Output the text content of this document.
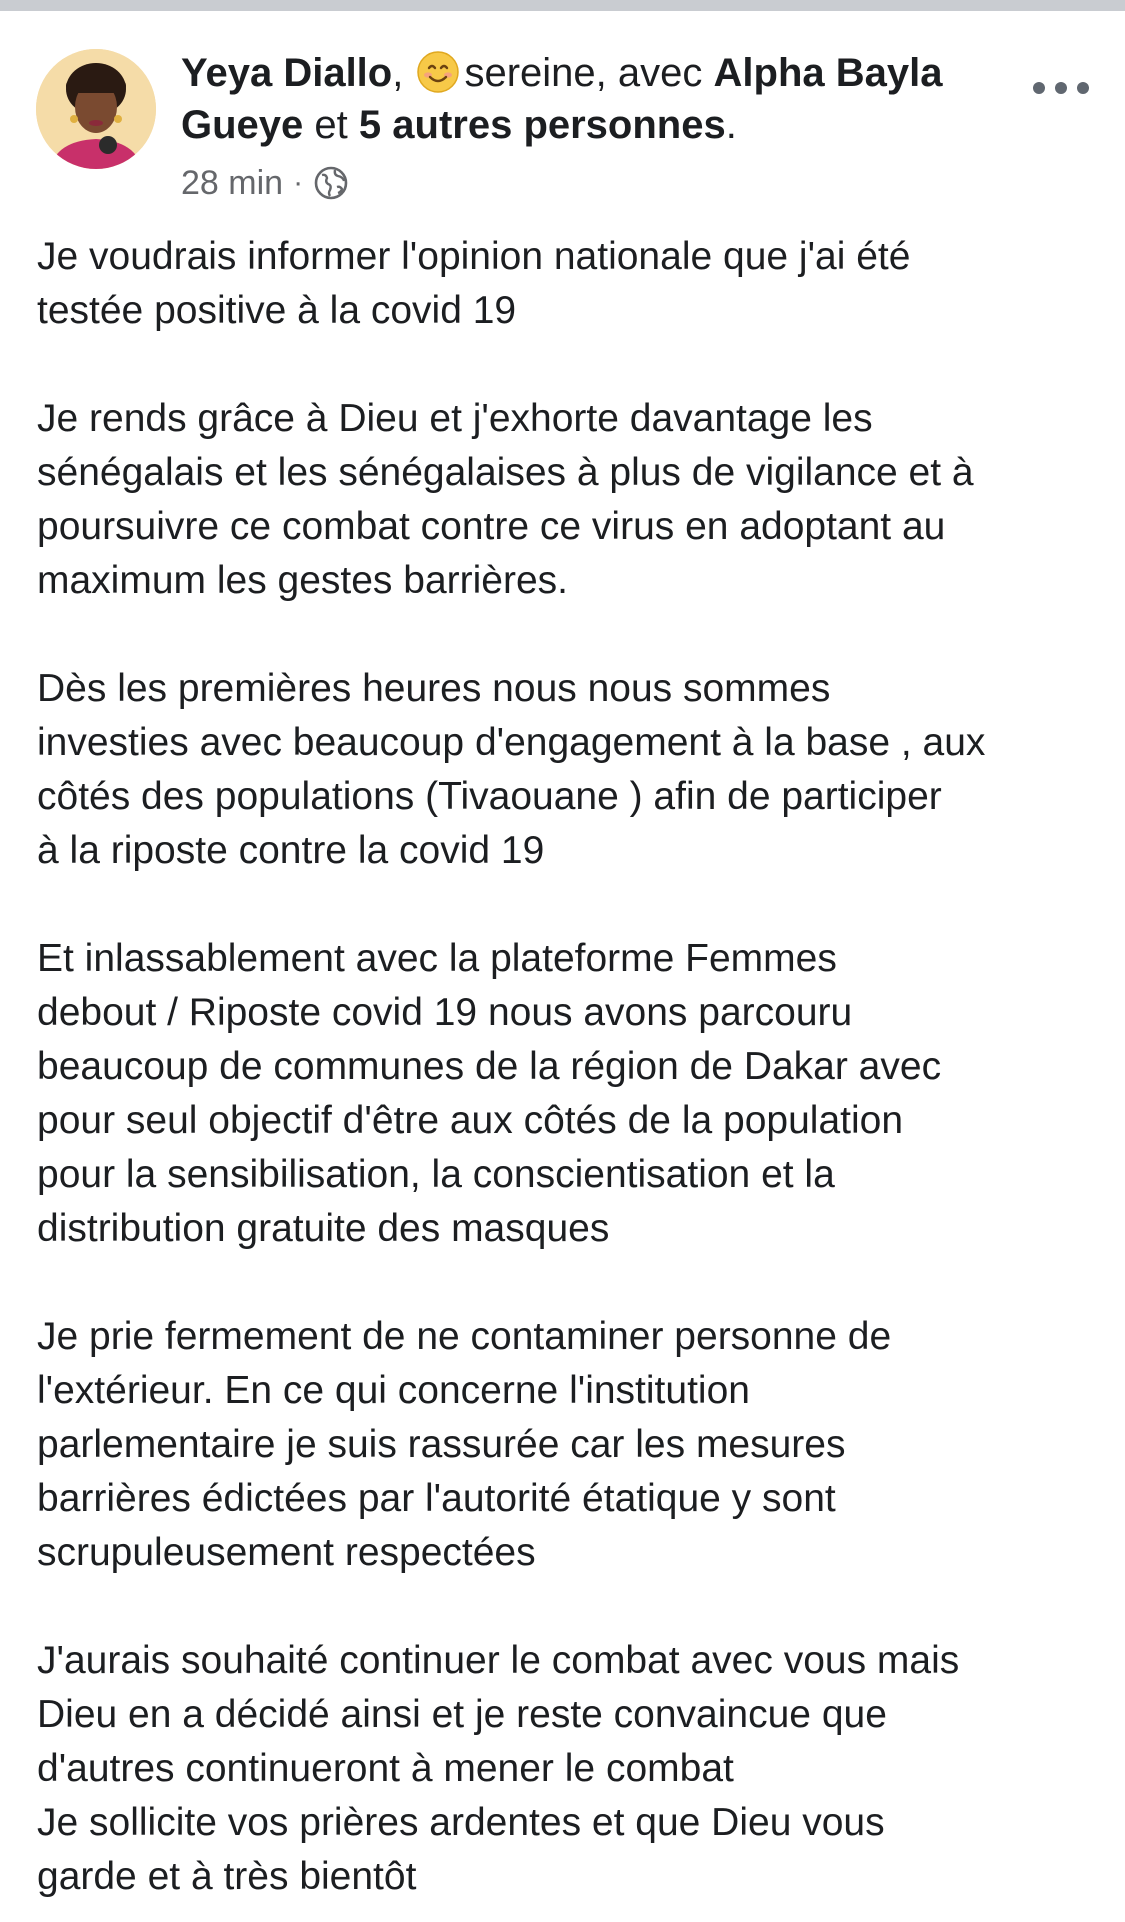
Yeya Diallo, sereine, avec Alpha Bayla Gueye et 5 autres personnes.
28 min ·

Je voudrais informer l'opinion nationale que j'ai été
testée positive à la covid 19

Je rends grâce à Dieu et j'exhorte davantage les
sénégalais et les sénégalaises à plus de vigilance et à
poursuivre ce combat contre ce virus en adoptant au
maximum les gestes barrières.

Dès les premières heures nous nous sommes
investies avec beaucoup d'engagement à la base , aux
côtés des populations (Tivaouane ) afin de participer
à la riposte contre la covid 19

Et inlassablement avec la plateforme Femmes
debout / Riposte covid 19 nous avons parcouru
beaucoup de communes de la région de Dakar avec
pour seul objectif d'être aux côtés de la population
pour la sensibilisation, la conscientisation et la
distribution gratuite des masques

Je prie fermement de ne contaminer personne de
l'extérieur. En ce qui concerne l'institution
parlementaire je suis rassurée car les mesures
barrières édictées par l'autorité étatique y sont
scrupuleusement respectées

J'aurais souhaité continuer le combat avec vous mais
Dieu en a décidé ainsi et je reste convaincue que
d'autres continueront à mener le combat
Je sollicite vos prières ardentes et que Dieu vous
garde et à très bientôt
